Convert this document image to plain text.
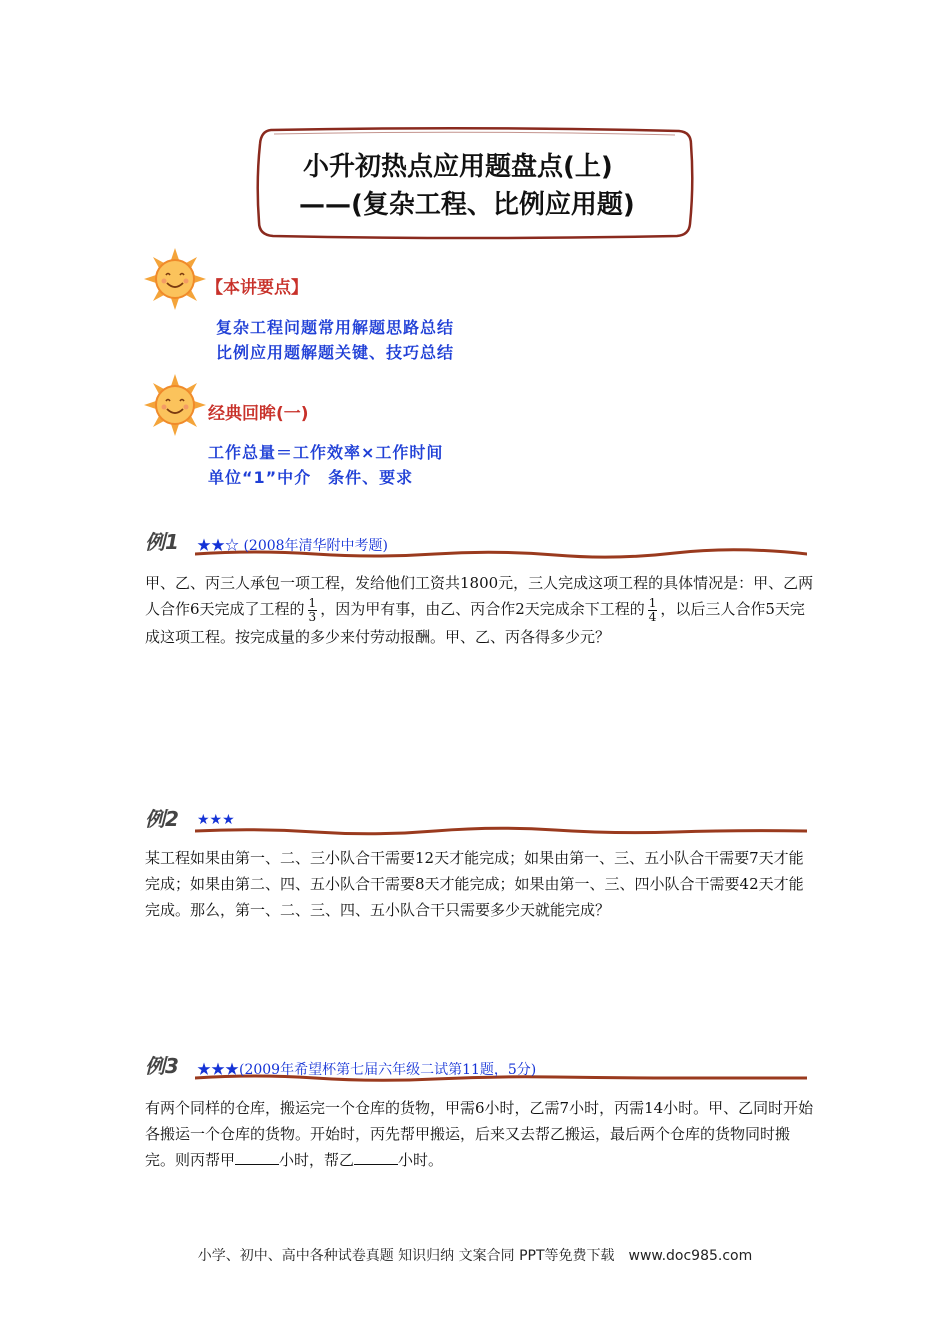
小升初热点应用题盘点(上)
——(复杂工程、比例应用题)
【本讲要点】
复杂工程问题常用解题思路总结
比例应用题解题关键、技巧总结
经典回眸(一)
工作总量＝工作效率×工作时间
单位“1”中介　条件、要求
例1 ★★☆ (2008年清华附中考题)
甲、乙、丙三人承包一项工程，发给他们工资共1800元，三人完成这项工程的具体情况是：甲、乙两人合作6天完成了工程的 $\frac{1}{3}$ ，因为甲有事，由乙、丙合作2天完成余下工程的 $\frac{1}{4}$ ，以后三人合作5天完成这项工程。按完成量的多少来付劳动报酬。甲、乙、丙各得多少元？
例2 ★★★
某工程如果由第一、二、三小队合干需要12天才能完成；如果由第一、三、五小队合干需要7天才能完成；如果由第二、四、五小队合干需要8天才能完成；如果由第一、三、四小队合干需要42天才能完成。那么，第一、二、三、四、五小队合干只需要多少天就能完成？
例3 ★★★(2009年希望杯第七届六年级二试第11题，5分)
有两个同样的仓库，搬运完一个仓库的货物，甲需6小时，乙需7小时，丙需14小时。甲、乙同时开始各搬运一个仓库的货物。开始时，丙先帮甲搬运，后来又去帮乙搬运，最后两个仓库的货物同时搬完。则丙帮甲	小时，帮乙	小时。
小学、初中、高中各种试卷真题 知识归纳 文案合同 PPT等免费下载　www.doc985.com
